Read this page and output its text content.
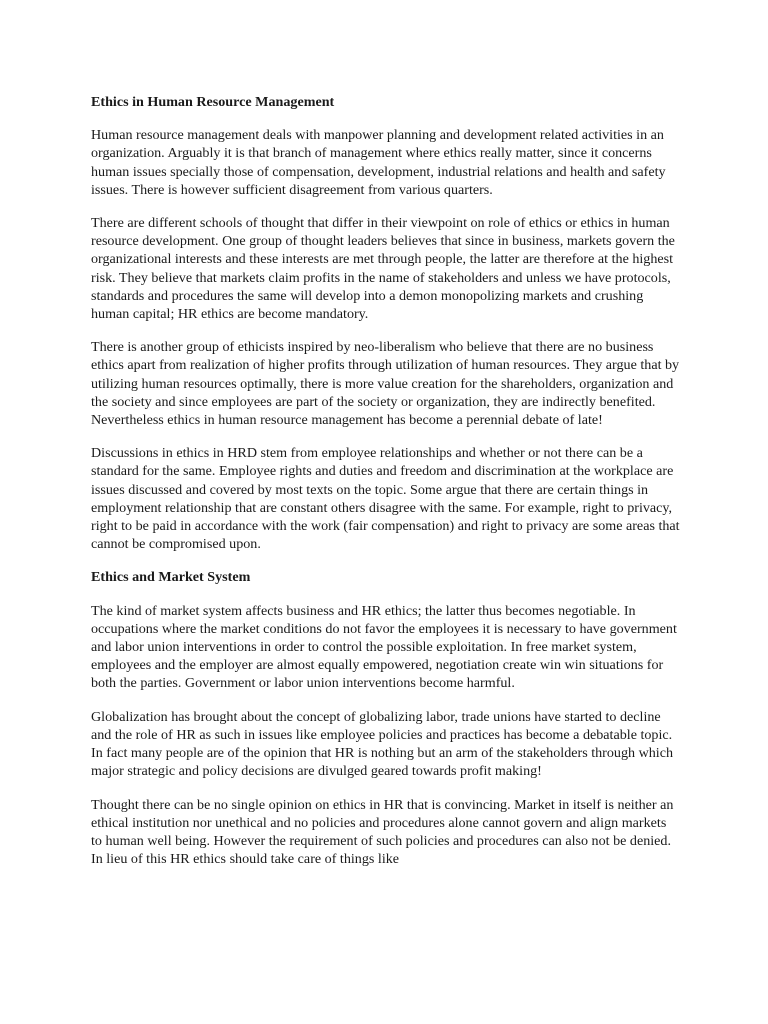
Ethics in Human Resource Management

Human resource management deals with manpower planning and development related activities in an organization. Arguably it is that branch of management where ethics really matter, since it concerns human issues specially those of compensation, development, industrial relations and health and safety issues. There is however sufficient disagreement from various quarters.

There are different schools of thought that differ in their viewpoint on role of ethics or ethics in human resource development. One group of thought leaders believes that since in business, markets govern the organizational interests and these interests are met through people, the latter are therefore at the highest risk. They believe that markets claim profits in the name of stakeholders and unless we have protocols, standards and procedures the same will develop into a demon monopolizing markets and crushing human capital; HR ethics are become mandatory.

There is another group of ethicists inspired by neo-liberalism who believe that there are no business ethics apart from realization of higher profits through utilization of human resources. They argue that by utilizing human resources optimally, there is more value creation for the shareholders, organization and the society and since employees are part of the society or organization, they are indirectly benefited. Nevertheless ethics in human resource management has become a perennial debate of late!

Discussions in ethics in HRD stem from employee relationships and whether or not there can be a standard for the same. Employee rights and duties and freedom and discrimination at the workplace are issues discussed and covered by most texts on the topic. Some argue that there are certain things in employment relationship that are constant others disagree with the same. For example, right to privacy, right to be paid in accordance with the work (fair compensation) and right to privacy are some areas that cannot be compromised upon.

Ethics and Market System

The kind of market system affects business and HR ethics; the latter thus becomes negotiable. In occupations where the market conditions do not favor the employees it is necessary to have government and labor union interventions in order to control the possible exploitation. In free market system, employees and the employer are almost equally empowered, negotiation create win win situations for both the parties. Government or labor union interventions become harmful.

Globalization has brought about the concept of globalizing labor, trade unions have started to decline and the role of HR as such in issues like employee policies and practices has become a debatable topic. In fact many people are of the opinion that HR is nothing but an arm of the stakeholders through which major strategic and policy decisions are divulged geared towards profit making!

Thought there can be no single opinion on ethics in HR that is convincing. Market in itself is neither an ethical institution nor unethical and no policies and procedures alone cannot govern and align markets to human well being. However the requirement of such policies and procedures can also not be denied. In lieu of this HR ethics should take care of things like
